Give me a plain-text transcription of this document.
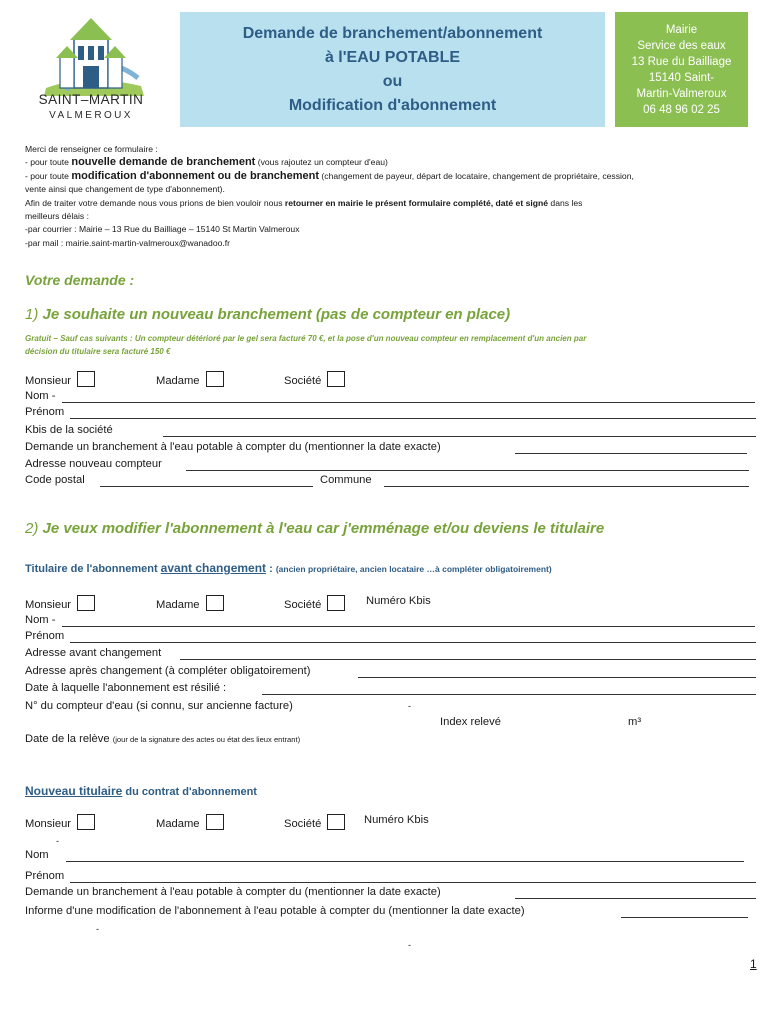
SAINT–MARTIN
VALMEROUX
Demande de branchement/abonnement
à l'EAU POTABLE
ou
Modification d'abonnement
Mairie
Service des eaux
13 Rue du Bailliage
15140 Saint-
Martin-Valmeroux
06 48 96 02 25

Merci de renseigner ce formulaire :

- pour toute nouvelle demande de branchement (vous rajoutez un compteur d'eau)

- pour toute modification d'abonnement ou de branchement (changement de payeur, départ de locataire, changement de propriétaire, cession,

vente ainsi que changement de type d'abonnement).

Afin de traiter votre demande nous vous prions de bien vouloir nous retourner en mairie le présent formulaire complété, daté et signé dans les

meilleurs délais :

-par courrier : Mairie – 13 Rue du Bailliage – 15140 St Martin Valmeroux

-par mail : mairie.saint-martin-valmeroux@wanadoo.fr

Votre demande :
1) Je souhaite un nouveau branchement (pas de compteur en place)
Gratuit – Sauf cas suivants : Un compteur détérioré par le gel sera facturé 70 €, et la pose d'un nouveau compteur en remplacement d'un ancien par
décision du titulaire sera facturé 150 €
Monsieur	Madame	Société
Nom -
Prénom
Kbis de la société
Demande un branchement à l'eau potable à compter du (mentionner la date exacte)
Adresse nouveau compteur
Code postal	Commune
2) Je veux modifier l'abonnement à l'eau car j'emménage et/ou deviens le titulaire
Titulaire de l'abonnement avant changement : (ancien propriétaire, ancien locataire …à compléter obligatoirement)
Monsieur	Madame	Société	Numéro Kbis
Nom -
Prénom
Adresse avant changement
Adresse après changement (à compléter obligatoirement)
Date à laquelle l'abonnement est résilié :
N° du compteur d'eau (si connu, sur ancienne facture)	-
Index relevé	m³
Date de la relève (jour de la signature des actes ou état des lieux entrant)
Nouveau titulaire du contrat d'abonnement
Monsieur	Madame	Société	Numéro Kbis
-
Nom
Prénom
Demande un branchement à l'eau potable à compter du (mentionner la date exacte)
Informe d'une modification de l'abonnement à l'eau potable à compter du (mentionner la date exacte)
-
-
1
